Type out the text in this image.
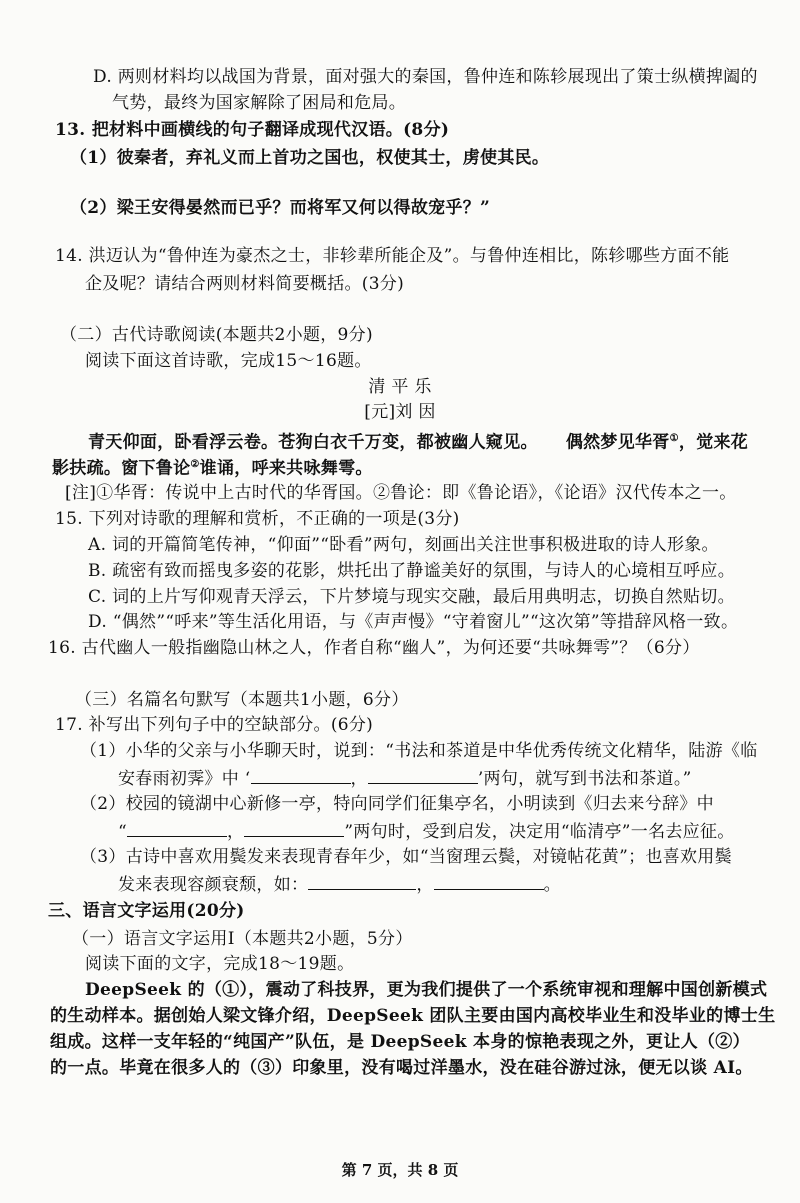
D. 两则材料均以战国为背景，面对强大的秦国，鲁仲连和陈轸展现出了策士纵横捭阖的
气势，最终为国家解除了困局和危局。
13. 把材料中画横线的句子翻译成现代汉语。(8分)
（1）彼秦者，弃礼义而上首功之国也，权使其士，虏使其民。
（2）梁王安得晏然而已乎？而将军又何以得故宠乎？”
14. 洪迈认为“鲁仲连为豪杰之士，非轸辈所能企及”。与鲁仲连相比，陈轸哪些方面不能
企及呢？请结合两则材料简要概括。(3分)
（二）古代诗歌阅读(本题共2小题，9分)
阅读下面这首诗歌，完成15～16题。
清 平 乐
[元]刘 因
青天仰面，卧看浮云卷。苍狗白衣千万变，都被幽人窥见。 偶然梦见华胥①，觉来花
影扶疏。窗下鲁论②谁诵，呼来共咏舞雩。
[注]①华胥：传说中上古时代的华胥国。②鲁论：即《鲁论语》，《论语》汉代传本之一。
15. 下列对诗歌的理解和赏析，不正确的一项是(3分)
A. 词的开篇简笔传神，“仰面”“卧看”两句，刻画出关注世事积极进取的诗人形象。
B. 疏密有致而摇曳多姿的花影，烘托出了静谧美好的氛围，与诗人的心境相互呼应。
C. 词的上片写仰观青天浮云，下片梦境与现实交融，最后用典明志，切换自然贴切。
D. “偶然”“呼来”等生活化用语，与《声声慢》“守着窗儿”“这次第”等措辞风格一致。
16. 古代幽人一般指幽隐山林之人，作者自称“幽人”，为何还要“共咏舞雩”？（6分）
（三）名篇名句默写（本题共1小题，6分）
17. 补写出下列句子中的空缺部分。(6分)
（1）小华的父亲与小华聊天时，说到：“书法和茶道是中华优秀传统文化精华，陆游《临
安春雨初霁》中 ‘	，	’两句，就写到书法和茶道。”
（2）校园的镜湖中心新修一亭，特向同学们征集亭名，小明读到《归去来兮辞》中
“	，	”两句时，受到启发，决定用“临清亭”一名去应征。
（3）古诗中喜欢用鬓发来表现青春年少，如“当窗理云鬓，对镜帖花黄”；也喜欢用鬓
发来表现容颜衰颓，如：	，	。
三、语言文字运用(20分)
（一）语言文字运用Ⅰ（本题共2小题，5分）
阅读下面的文字，完成18～19题。
DeepSeek 的（①），震动了科技界，更为我们提供了一个系统审视和理解中国创新模式
的生动样本。据创始人梁文锋介绍，DeepSeek 团队主要由国内高校毕业生和没毕业的博士生
组成。这样一支年轻的“纯国产”队伍，是 DeepSeek 本身的惊艳表现之外，更让人（②）
的一点。毕竟在很多人的（③）印象里，没有喝过洋墨水，没在硅谷游过泳，便无以谈 AI。
第 7 页，共 8 页
